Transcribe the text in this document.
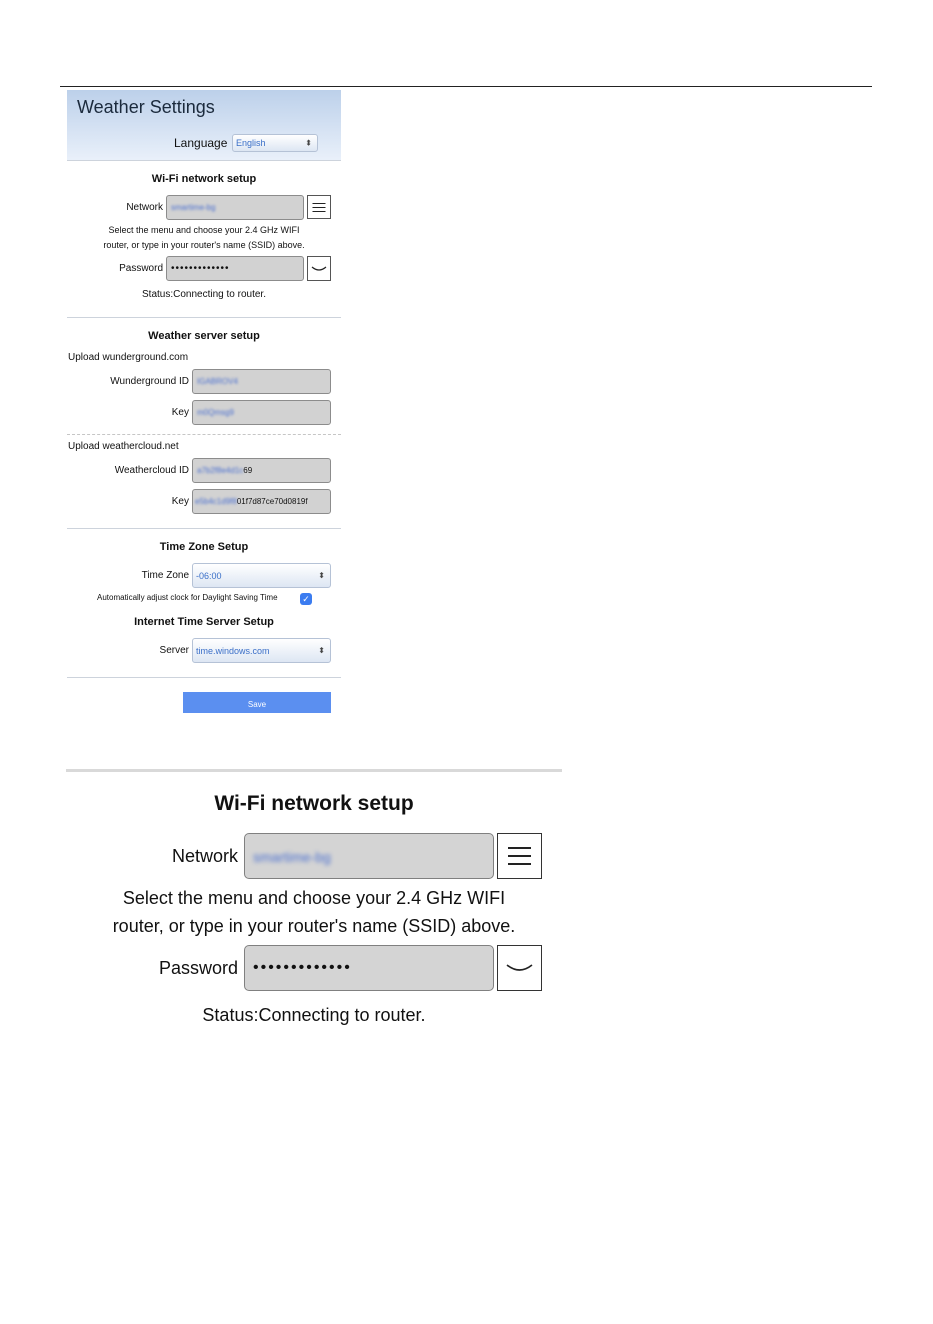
Weather Settings
Language English	⬍
Wi-Fi network setup
Network	smartime-bg
Select the menu and choose your 2.4 GHz WIFI
router, or type in your router's name (SSID) above.
Password •••••••••••••
Status:Connecting to router.
Weather server setup
Upload wunderground.com
Wunderground ID	IGABROV4
Key	m0Qmsg9
Upload weathercloud.net
Weathercloud ID	a7b2f8e4d1c69
Key e5b4c1d9f801f7d87ce70d0819f
Time Zone Setup
Time Zone -06:00	⬍
Automatically adjust clock for Daylight Saving Time	✓
Internet Time Server Setup
Server time.windows.com	⬍
Save
Wi-Fi network setup
Network	smartime-bg
Select the menu and choose your 2.4 GHz WIFI
router, or type in your router's name (SSID) above.
Password •••••••••••••
Status:Connecting to router.
